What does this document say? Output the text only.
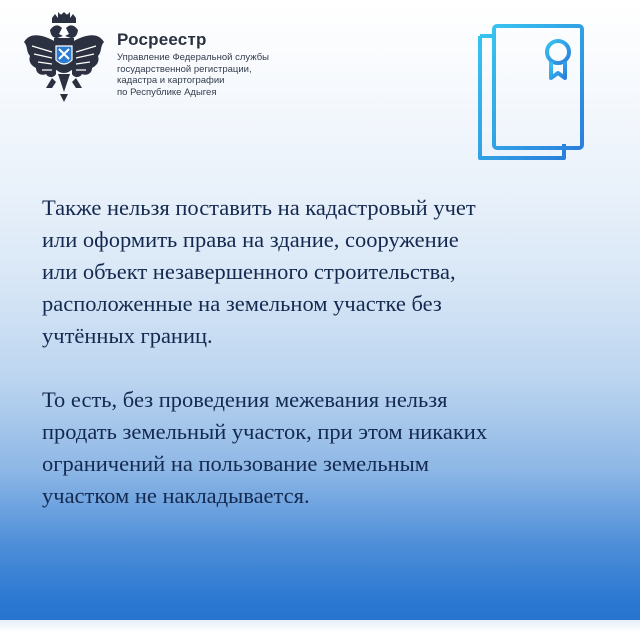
Росреестр
Управление Федеральной службы
государственной регистрации,
кадастра и картографии
по Республике Адыгея
Также нельзя поставить на кадастровый учет
или оформить права на здание, сооружение
или объект незавершенного строительства,
расположенные на земельном участке без
учтённых границ.
То есть, без проведения межевания нельзя
продать земельный участок, при этом никаких
ограничений на пользование земельным
участком не накладывается.
